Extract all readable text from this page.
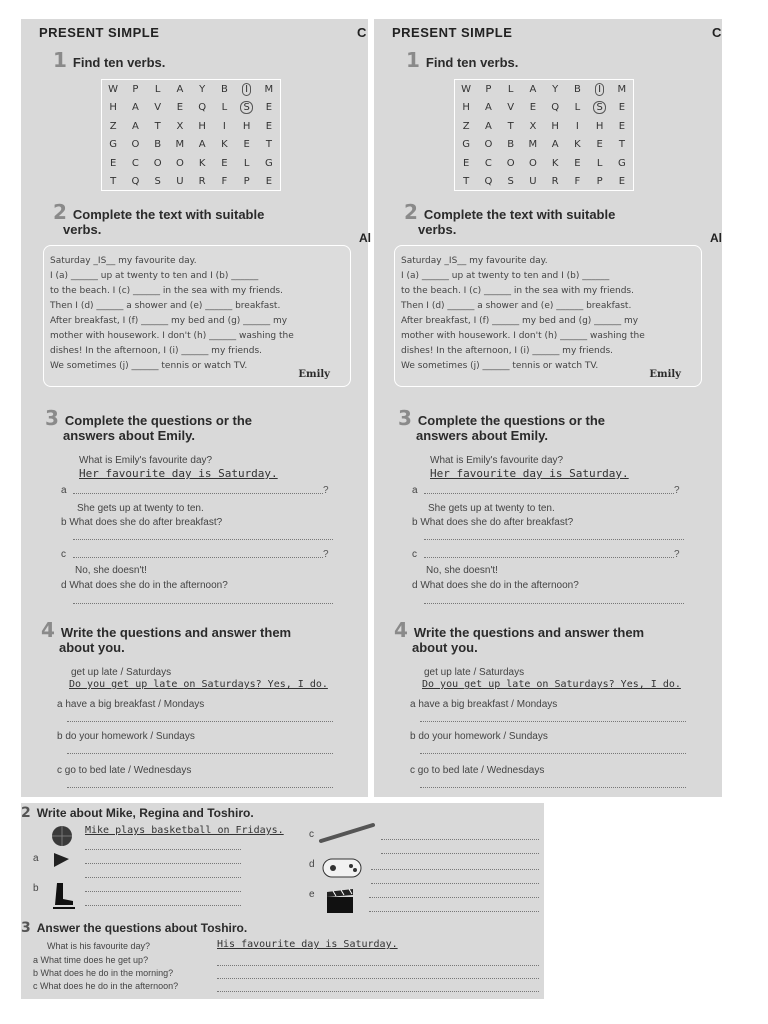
PRESENT SIMPLE	C
1 Find ten verbs.
W	P	L	A	Y	B	I	M
H	A	V	E	Q	L	S	E
Z	A	T	X	H	I	H	E
G	O	B	M	A	K	E	T
E	C	O	O	K	E	L	G
T	Q	S	U	R	F	P	E
2 Complete the text with suitable
verbs.
Al
Saturday _IS__ my favourite day.
I (a) ______ up at twenty to ten and I (b) ______
to the beach. I (c) ______ in the sea with my friends.
Then I (d) ______ a shower and (e) ______ breakfast.
After breakfast, I (f) ______ my bed and (g) ______ my
mother with housework. I don't (h) ______ washing the
dishes! In the afternoon, I (i) ______ my friends.
We sometimes (j) ______ tennis or watch TV.
Emily
3 Complete the questions or the
answers about Emily.
What is Emily's favourite day?
Her favourite day is Saturday.
a	?
She gets up at twenty to ten.
b What does she do after breakfast?
c	?
No, she doesn't!
d What does she do in the afternoon?
4 Write the questions and answer them
about you.
get up late / Saturdays
Do you get up late on Saturdays? Yes, I do.
a have a big breakfast / Mondays
b do your homework / Sundays
c go to bed late / Wednesdays
PRESENT SIMPLE	C
1 Find ten verbs.
W	P	L	A	Y	B	I	M
H	A	V	E	Q	L	S	E
Z	A	T	X	H	I	H	E
G	O	B	M	A	K	E	T
E	C	O	O	K	E	L	G
T	Q	S	U	R	F	P	E
2 Complete the text with suitable
verbs.
Al
Saturday _IS__ my favourite day.
I (a) ______ up at twenty to ten and I (b) ______
to the beach. I (c) ______ in the sea with my friends.
Then I (d) ______ a shower and (e) ______ breakfast.
After breakfast, I (f) ______ my bed and (g) ______ my
mother with housework. I don't (h) ______ washing the
dishes! In the afternoon, I (i) ______ my friends.
We sometimes (j) ______ tennis or watch TV.
Emily
3 Complete the questions or the
answers about Emily.
What is Emily's favourite day?
Her favourite day is Saturday.
a	?
She gets up at twenty to ten.
b What does she do after breakfast?
c	?
No, she doesn't!
d What does she do in the afternoon?
4 Write the questions and answer them
about you.
get up late / Saturdays
Do you get up late on Saturdays? Yes, I do.
a have a big breakfast / Mondays
b do your homework / Sundays
c go to bed late / Wednesdays
2 Write about Mike, Regina and Toshiro.
Mike plays basketball on Fridays.
a
b
c
d
e
3 Answer the questions about Toshiro.
What is his favourite day?	His favourite day is Saturday.
a What time does he get up?
b What does he do in the morning?
c What does he do in the afternoon?
